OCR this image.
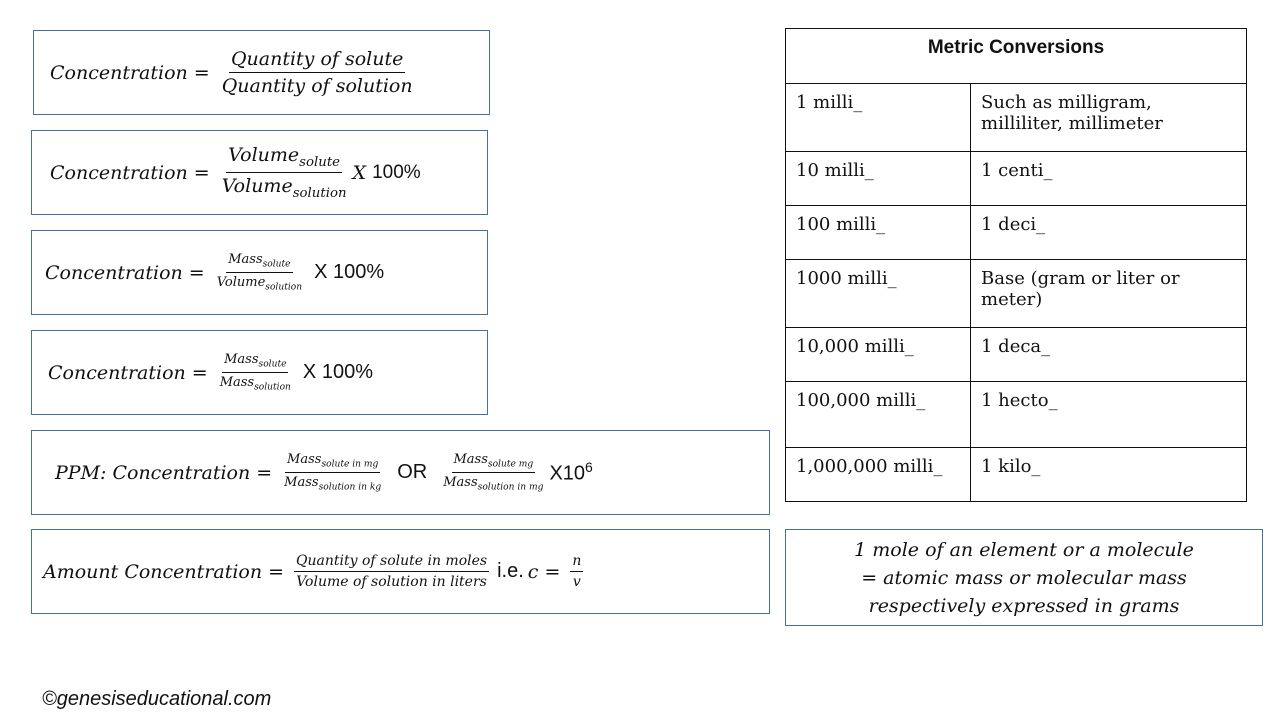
Concentration = $\frac{\text{Quantity of solute}}{\text{Quantity of solution}}$
Concentration = $\frac{Volume_{solute}}{Volume_{solution}}$ X
100%
Concentration = $\frac{Mass_{solute}}{Volume_{solution}}$ X 100%
Concentration = $\frac{Mass_{solute}}{Mass_{solution}}$ X 100%
PPM: Concentration = $\frac{Mass_{solute in mg}}{Mass_{solution in kg}}$ OR $\frac{Mass_{solute mg}}{Mass_{solution in mg}} X10^6$
Amount Concentration = $\frac{\text{Quantity of solute in moles}}{\text{Volume of solution in liters}} i.e$. $c = \frac{n}{v}$
Metric Conversions	
1 milli_	Such as milligram, milliliter, millimeter
10 milli_	1 centi_
100 milli_	1 deci_
1000 milli_	Base (gram or liter or meter)
10,000 milli_	1 deca_
100,000 milli_	1 hecto_
1,000,000 milli_	1 kilo_
1 mole of an element or a molecule
= atomic mass or molecular mass
respectively expressed in grams
©genesiseducational.com
